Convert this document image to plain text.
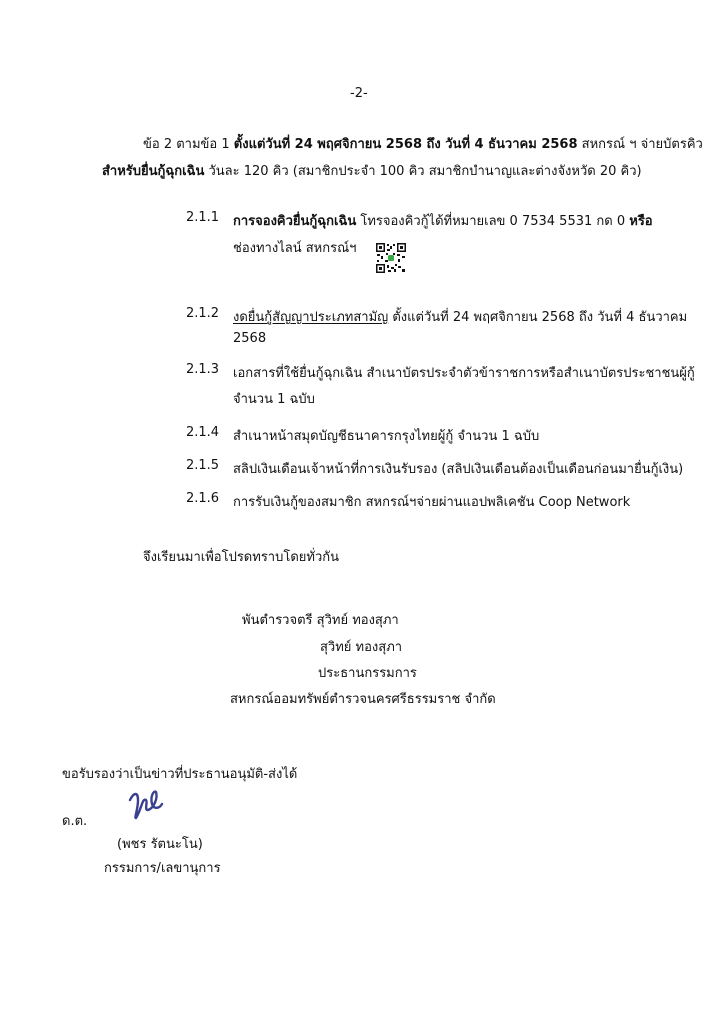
-2-
ข้อ 2 ตามข้อ 1 ตั้งแต่วันที่ 24 พฤศจิกายน 2568 ถึง วันที่ 4 ธันวาคม 2568 สหกรณ์ ฯ จ่ายบัตรคิว
สำหรับยื่นกู้ฉุกเฉิน วันละ 120 คิว (สมาชิกประจำ 100 คิว สมาชิกบำนาญและต่างจังหวัด 20 คิว)
2.1.1	การจองคิวยื่นกู้ฉุกเฉิน โทรจองคิวกู้ได้ที่หมายเลข 0 7534 5531 กด 0 หรือ
ช่องทางไลน์ สหกรณ์ฯ
2.1.2	งดยื่นกู้สัญญาประเภทสามัญ ตั้งแต่วันที่ 24 พฤศจิกายน 2568 ถึง วันที่ 4 ธันวาคม
2568
2.1.3	เอกสารที่ใช้ยื่นกู้ฉุกเฉิน สำเนาบัตรประจำตัวข้าราชการหรือสำเนาบัตรประชาชนผู้กู้
จำนวน 1 ฉบับ
2.1.4	สำเนาหน้าสมุดบัญชีธนาคารกรุงไทยผู้กู้ จำนวน 1 ฉบับ
2.1.5	สลิปเงินเดือนเจ้าหน้าที่การเงินรับรอง (สลิปเงินเดือนต้องเป็นเดือนก่อนมายื่นกู้เงิน)
2.1.6	การรับเงินกู้ของสมาชิก สหกรณ์ฯจ่ายผ่านแอปพลิเคชัน Coop Network
จึงเรียนมาเพื่อโปรดทราบโดยทั่วกัน
พันตำรวจตรี สุวิทย์ ทองสุภา
สุวิทย์ ทองสุภา
ประธานกรรมการ
สหกรณ์ออมทรัพย์ตำรวจนครศรีธรรมราช จำกัด
ขอรับรองว่าเป็นข่าวที่ประธานอนุมัติ-ส่งได้
ด.ต.
(พชร รัตนะโน)
กรรมการ/เลขานุการ
